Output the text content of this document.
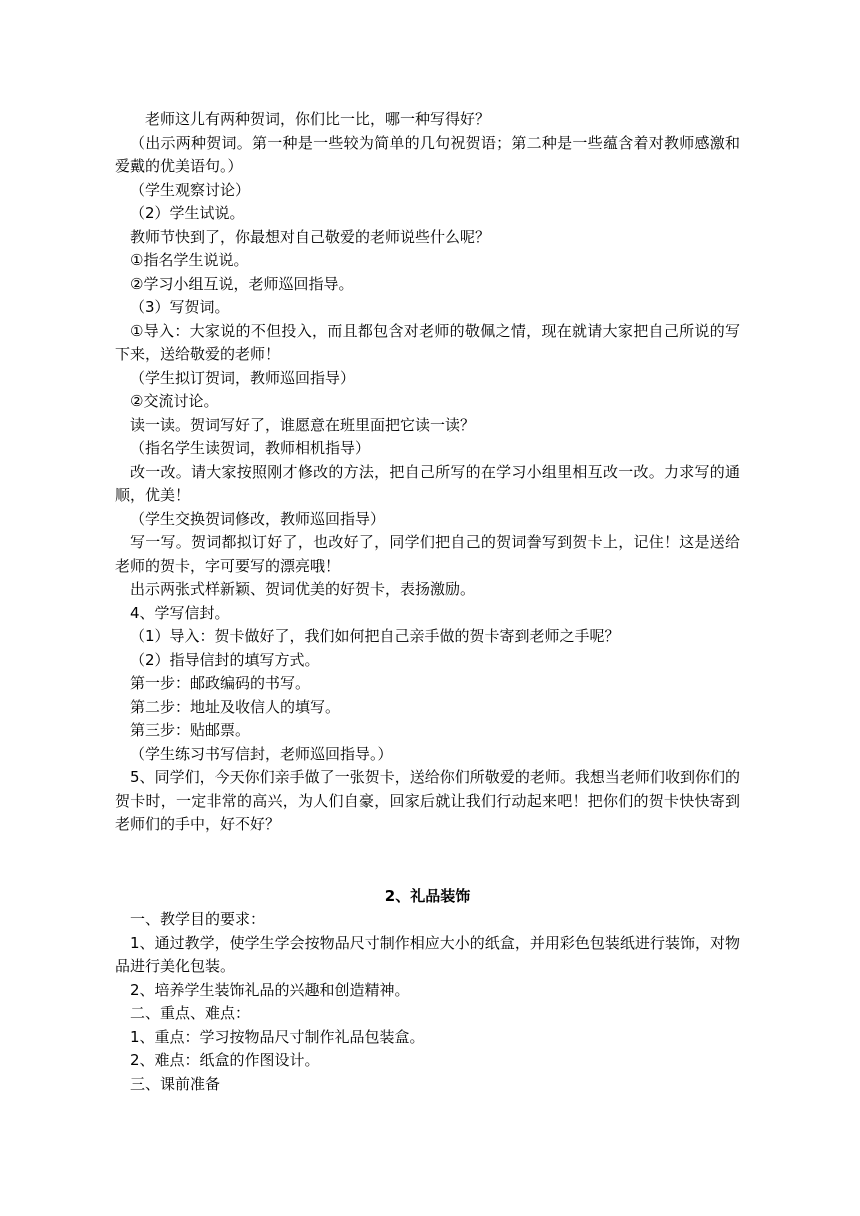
老师这儿有两种贺词，你们比一比，哪一种写得好？

（出示两种贺词。第一种是一些较为简单的几句祝贺语；第二种是一些蕴含着对教师感激和爱戴的优美语句。）

（学生观察讨论）

（2）学生试说。

教师节快到了，你最想对自己敬爱的老师说些什么呢？

①指名学生说说。

②学习小组互说，老师巡回指导。

（3）写贺词。

①导入：大家说的不但投入，而且都包含对老师的敬佩之情，现在就请大家把自己所说的写下来，送给敬爱的老师！

（学生拟订贺词，教师巡回指导）

②交流讨论。

读一读。贺词写好了，谁愿意在班里面把它读一读？

（指名学生读贺词，教师相机指导）

改一改。请大家按照刚才修改的方法，把自己所写的在学习小组里相互改一改。力求写的通顺，优美！

（学生交换贺词修改，教师巡回指导）

写一写。贺词都拟订好了，也改好了，同学们把自己的贺词誊写到贺卡上，记住！这是送给老师的贺卡，字可要写的漂亮哦！

出示两张式样新颖、贺词优美的好贺卡，表扬激励。

4、学写信封。

（1）导入：贺卡做好了，我们如何把自己亲手做的贺卡寄到老师之手呢？

（2）指导信封的填写方式。

第一步：邮政编码的书写。

第二步：地址及收信人的填写。

第三步：贴邮票。

（学生练习书写信封，老师巡回指导。）

5、同学们，今天你们亲手做了一张贺卡，送给你们所敬爱的老师。我想当老师们收到你们的贺卡时，一定非常的高兴，为人们自豪，回家后就让我们行动起来吧！把你们的贺卡快快寄到老师们的手中，好不好？

2、礼品装饰

一、教学目的要求：

1、通过教学，使学生学会按物品尺寸制作相应大小的纸盒，并用彩色包装纸进行装饰，对物品进行美化包装。

2、培养学生装饰礼品的兴趣和创造精神。

二、重点、难点：

1、重点：学习按物品尺寸制作礼品包装盒。

2、难点：纸盒的作图设计。

三、课前准备
